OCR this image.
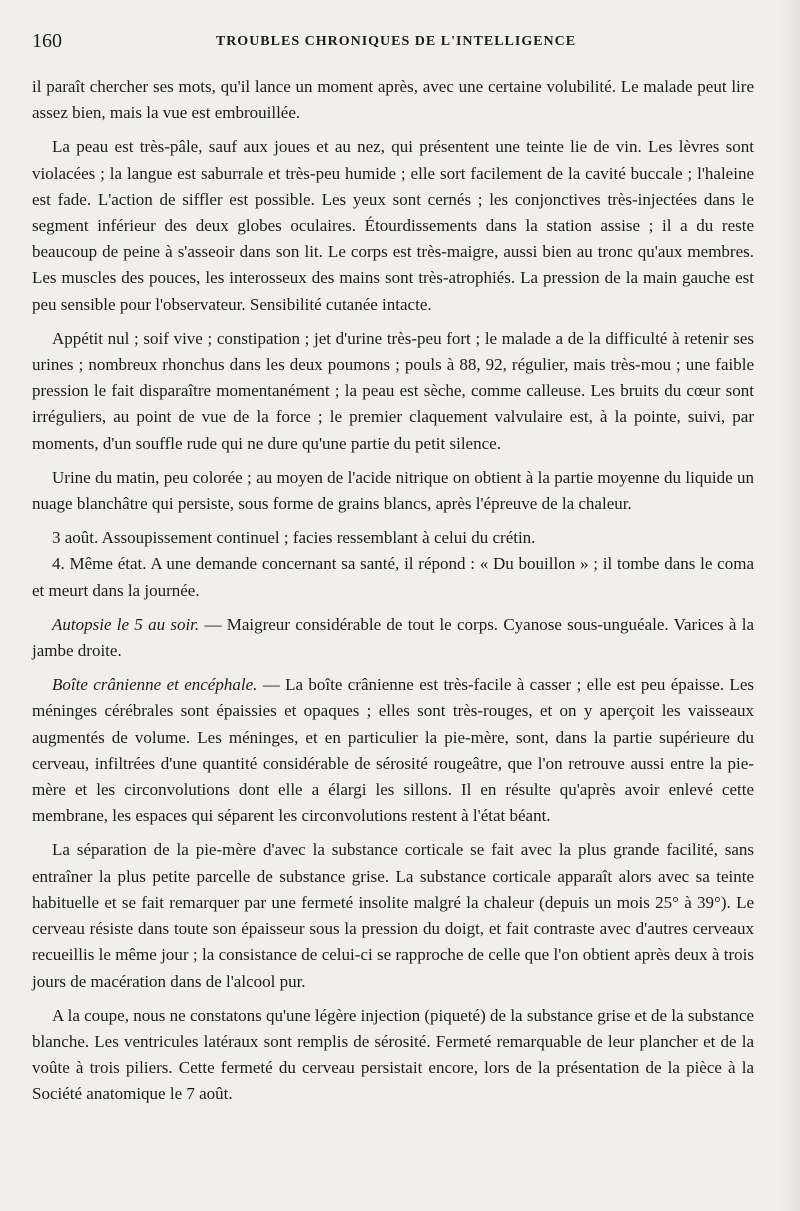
160	TROUBLES CHRONIQUES DE L'INTELLIGENCE

il paraît chercher ses mots, qu'il lance un moment après, avec une certaine volubilité. Le malade peut lire assez bien, mais la vue est embrouillée.

La peau est très-pâle, sauf aux joues et au nez, qui présentent une teinte lie de vin. Les lèvres sont violacées ; la langue est saburrale et très-peu humide ; elle sort facilement de la cavité buccale ; l'haleine est fade. L'action de siffler est possible. Les yeux sont cernés ; les conjonctives très-injectées dans le segment inférieur des deux globes oculaires. Étourdissements dans la station assise ; il a du reste beaucoup de peine à s'asseoir dans son lit. Le corps est très-maigre, aussi bien au tronc qu'aux membres. Les muscles des pouces, les interosseux des mains sont très-atrophiés. La pression de la main gauche est peu sensible pour l'observateur. Sensibilité cutanée intacte.

Appétit nul ; soif vive ; constipation ; jet d'urine très-peu fort ; le malade a de la difficulté à retenir ses urines ; nombreux rhonchus dans les deux poumons ; pouls à 88, 92, régulier, mais très-mou ; une faible pression le fait disparaître momentanément ; la peau est sèche, comme calleuse. Les bruits du cœur sont irréguliers, au point de vue de la force ; le premier claquement valvulaire est, à la pointe, suivi, par moments, d'un souffle rude qui ne dure qu'une partie du petit silence.

Urine du matin, peu colorée ; au moyen de l'acide nitrique on obtient à la partie moyenne du liquide un nuage blanchâtre qui persiste, sous forme de grains blancs, après l'épreuve de la chaleur.

3 août. Assoupissement continuel ; facies ressemblant à celui du crétin.

4. Même état. A une demande concernant sa santé, il répond : « Du bouillon » ; il tombe dans le coma et meurt dans la journée.

Autopsie le 5 au soir. — Maigreur considérable de tout le corps. Cyanose sous-unguéale. Varices à la jambe droite.

Boîte crânienne et encéphale. — La boîte crânienne est très-facile à casser ; elle est peu épaisse. Les méninges cérébrales sont épaissies et opaques ; elles sont très-rouges, et on y aperçoit les vaisseaux augmentés de volume. Les méninges, et en particulier la pie-mère, sont, dans la partie supérieure du cerveau, infiltrées d'une quantité considérable de sérosité rougeâtre, que l'on retrouve aussi entre la pie-mère et les circonvolutions dont elle a élargi les sillons. Il en résulte qu'après avoir enlevé cette membrane, les espaces qui séparent les circonvolutions restent à l'état béant.

La séparation de la pie-mère d'avec la substance corticale se fait avec la plus grande facilité, sans entraîner la plus petite parcelle de substance grise. La substance corticale apparaît alors avec sa teinte habituelle et se fait remarquer par une fermeté insolite malgré la chaleur (depuis un mois 25° à 39°). Le cerveau résiste dans toute son épaisseur sous la pression du doigt, et fait contraste avec d'autres cerveaux recueillis le même jour ; la consistance de celui-ci se rapproche de celle que l'on obtient après deux à trois jours de macération dans de l'alcool pur.

A la coupe, nous ne constatons qu'une légère injection (piqueté) de la substance grise et de la substance blanche. Les ventricules latéraux sont remplis de sérosité. Fermeté remarquable de leur plancher et de la voûte à trois piliers. Cette fermeté du cerveau persistait encore, lors de la présentation de la pièce à la Société anatomique le 7 août.
